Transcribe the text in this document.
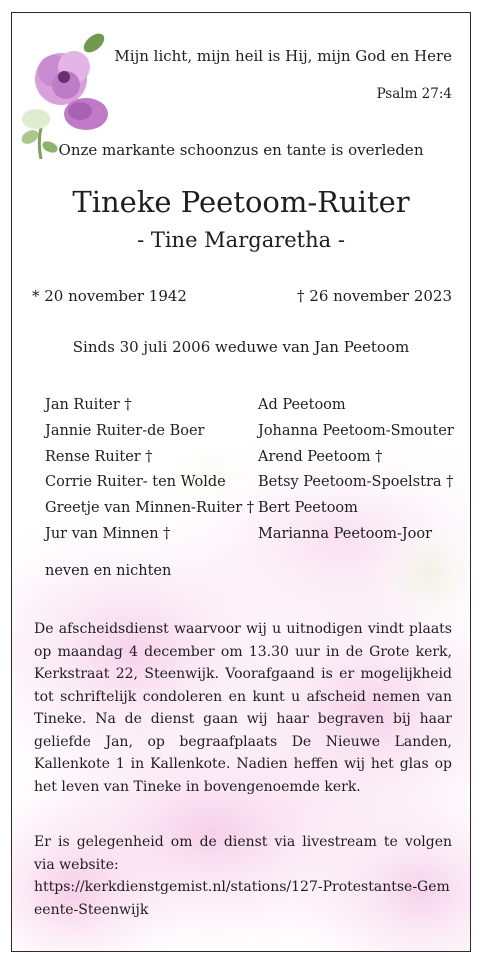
Mijn licht, mijn heil is Hij, mijn God en Here
Psalm 27:4
Onze markante schoonzus en tante is overleden
Tineke Peetoom-Ruiter
- Tine Margaretha -
* 20 november 1942	† 26 november 2023
Sinds 30 juli 2006 weduwe van Jan Peetoom
Jan Ruiter †
Jannie Ruiter-de Boer
Rense Ruiter †
Corrie Ruiter- ten Wolde
Greetje van Minnen-Ruiter †
Jur van Minnen †
Ad Peetoom
Johanna Peetoom-Smouter
Arend Peetoom †
Betsy Peetoom-Spoelstra †
Bert Peetoom
Marianna Peetoom-Joor
neven en nichten
De afscheidsdienst waarvoor wij u uitnodigen vindt plaats op maandag 4 december om 13.30 uur in de Grote kerk, Kerkstraat 22, Steenwijk. Voorafgaand is er mogelijkheid tot schriftelijk condoleren en kunt u afscheid nemen van Tineke. Na de dienst gaan wij haar begraven bij haar geliefde Jan, op begraafplaats De Nieuwe Landen, Kallenkote 1 in Kallenkote. Nadien heffen wij het glas op het leven van Tineke in bovengenoemde kerk.
Er is gelegenheid om de dienst via livestream te volgen via website:
https://kerkdienstgemist.nl/stations/127-Protestantse-Gemeente-Steenwijk
